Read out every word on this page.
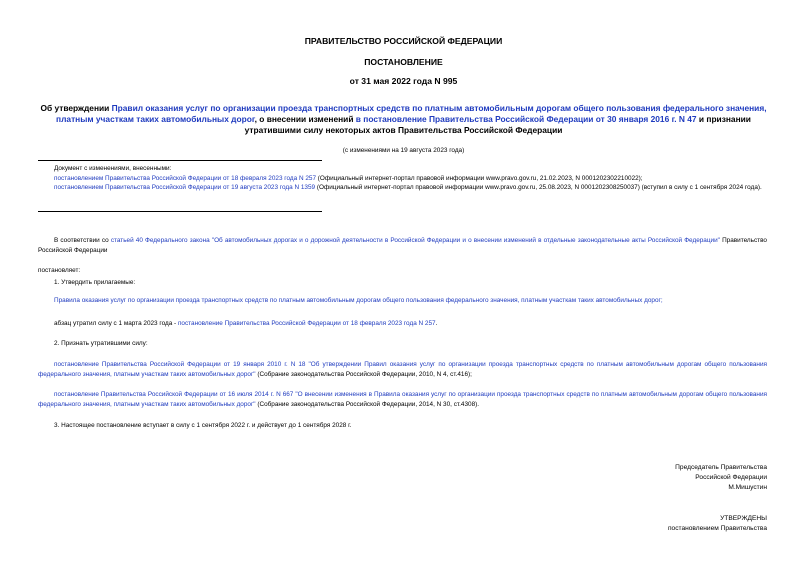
ПРАВИТЕЛЬСТВО РОССИЙСКОЙ ФЕДЕРАЦИИ
ПОСТАНОВЛЕНИЕ
от 31 мая 2022 года N 995
Об утверждении Правил оказания услуг по организации проезда транспортных средств по платным автомобильным дорогам общего пользования федерального значения, платным участкам таких автомобильных дорог, о внесении изменений в постановление Правительства Российской Федерации от 30 января 2016 г. N 47 и признании утратившими силу некоторых актов Правительства Российской Федерации
(с изменениями на 19 августа 2023 года)
Документ с изменениями, внесенными:
постановлением Правительства Российской Федерации от 18 февраля 2023 года N 257 (Официальный интернет-портал правовой информации www.pravo.gov.ru, 21.02.2023, N 0001202302210022);
постановлением Правительства Российской Федерации от 19 августа 2023 года N 1359 (Официальный интернет-портал правовой информации www.pravo.gov.ru, 25.08.2023, N 0001202308250037) (вступил в силу с 1 сентября 2024 года).
В соответствии со статьей 40 Федерального закона "Об автомобильных дорогах и о дорожной деятельности в Российской Федерации и о внесении изменений в отдельные законодательные акты Российской Федерации" Правительство Российской Федерации
постановляет:
1. Утвердить прилагаемые:
Правила оказания услуг по организации проезда транспортных средств по платным автомобильным дорогам общего пользования федерального значения, платным участкам таких автомобильных дорог;
абзац утратил силу с 1 марта 2023 года - постановление Правительства Российской Федерации от 18 февраля 2023 года N 257.
2. Признать утратившими силу:
постановление Правительства Российской Федерации от 19 января 2010 г. N 18 "Об утверждении Правил оказания услуг по организации проезда транспортных средств по платным автомобильным дорогам общего пользования федерального значения, платным участкам таких автомобильных дорог" (Собрание законодательства Российской Федерации, 2010, N 4, ст.416);
постановление Правительства Российской Федерации от 16 июля 2014 г. N 667 "О внесении изменения в Правила оказания услуг по организации проезда транспортных средств по платным автомобильным дорогам общего пользования федерального значения, платным участкам таких автомобильных дорог" (Собрание законодательства Российской Федерации, 2014, N 30, ст.4308).
3. Настоящее постановление вступает в силу с 1 сентября 2022 г. и действует до 1 сентября 2028 г.
Председатель Правительства
Российской Федерации
М.Мишустин
УТВЕРЖДЕНЫ
постановлением Правительства
